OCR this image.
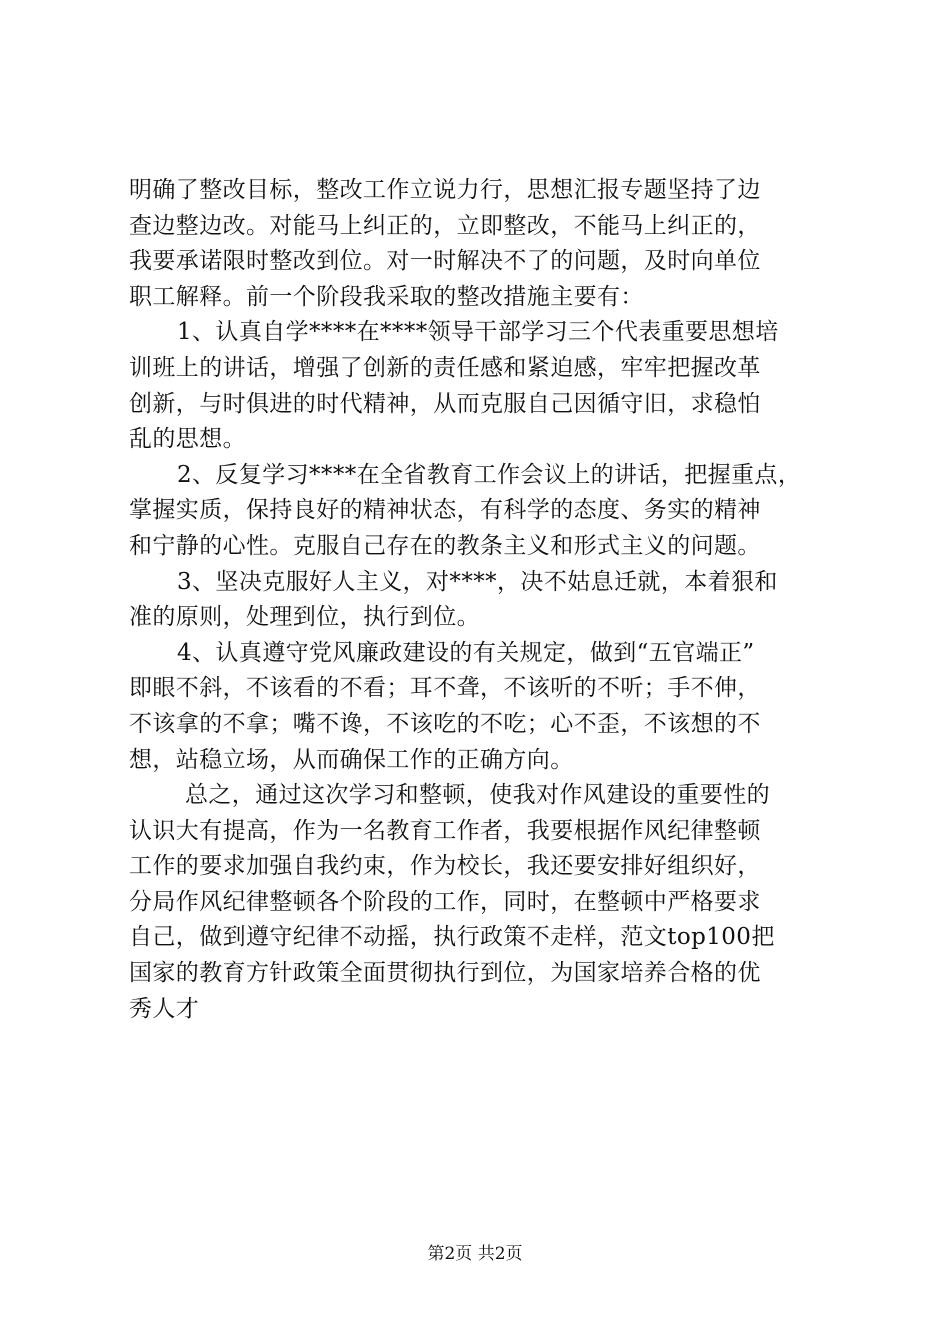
明确了整改目标，整改工作立说力行，思想汇报专题坚持了边
查边整边改。对能马上纠正的，立即整改，不能马上纠正的，
我要承诺限时整改到位。对一时解决不了的问题，及时向单位
职工解释。前一个阶段我采取的整改措施主要有：
1、认真自学****在****领导干部学习三个代表重要思想培
训班上的讲话，增强了创新的责任感和紧迫感，牢牢把握改革
创新，与时俱进的时代精神，从而克服自己因循守旧，求稳怕
乱的思想。
2、反复学习****在全省教育工作会议上的讲话，把握重点，
掌握实质，保持良好的精神状态，有科学的态度、务实的精神
和宁静的心性。克服自己存在的教条主义和形式主义的问题。
3、坚决克服好人主义，对****，决不姑息迁就，本着狠和
准的原则，处理到位，执行到位。
4、认真遵守党风廉政建设的有关规定，做到“五官端正”
即眼不斜，不该看的不看；耳不聋，不该听的不听；手不伸，
不该拿的不拿；嘴不谗，不该吃的不吃；心不歪，不该想的不
想，站稳立场，从而确保工作的正确方向。
总之，通过这次学习和整顿，使我对作风建设的重要性的
认识大有提高，作为一名教育工作者，我要根据作风纪律整顿
工作的要求加强自我约束，作为校长，我还要安排好组织好，
分局作风纪律整顿各个阶段的工作，同时，在整顿中严格要求
自己，做到遵守纪律不动摇，执行政策不走样，范文top100把
国家的教育方针政策全面贯彻执行到位，为国家培养合格的优
秀人才
第2页 共2页
